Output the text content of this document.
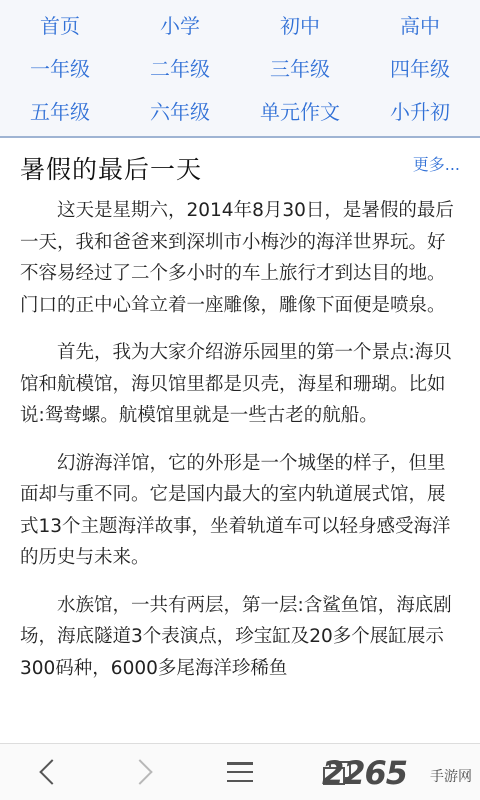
首页	小学	初中	高中
一年级	二年级	三年级	四年级
五年级	六年级	单元作文	小升初
暑假的最后一天	更多...

这天是星期六，2014年8月30日，是暑假的最后一天，我和爸爸来到深圳市小梅沙的海洋世界玩。好不容易经过了二个多小时的车上旅行才到达目的地。门口的正中心耸立着一座雕像，雕像下面便是喷泉。

首先，我为大家介绍游乐园里的第一个景点:海贝馆和航模馆，海贝馆里都是贝壳，海星和珊瑚。比如说:鸳鸯螺。航模馆里就是一些古老的航船。

幻游海洋馆，它的外形是一个城堡的样子，但里面却与重不同。它是国内最大的室内轨道展式馆，展式13个主题海洋故事，坐着轨道车可以轻身感受海洋的历史与未来。

水族馆，一共有两层，第一层:含鲨鱼馆，海底剧场，海底隧道3个表演点，珍宝缸及20多个展缸展示300码种，6000多尾海洋珍稀鱼

2265 手游网
